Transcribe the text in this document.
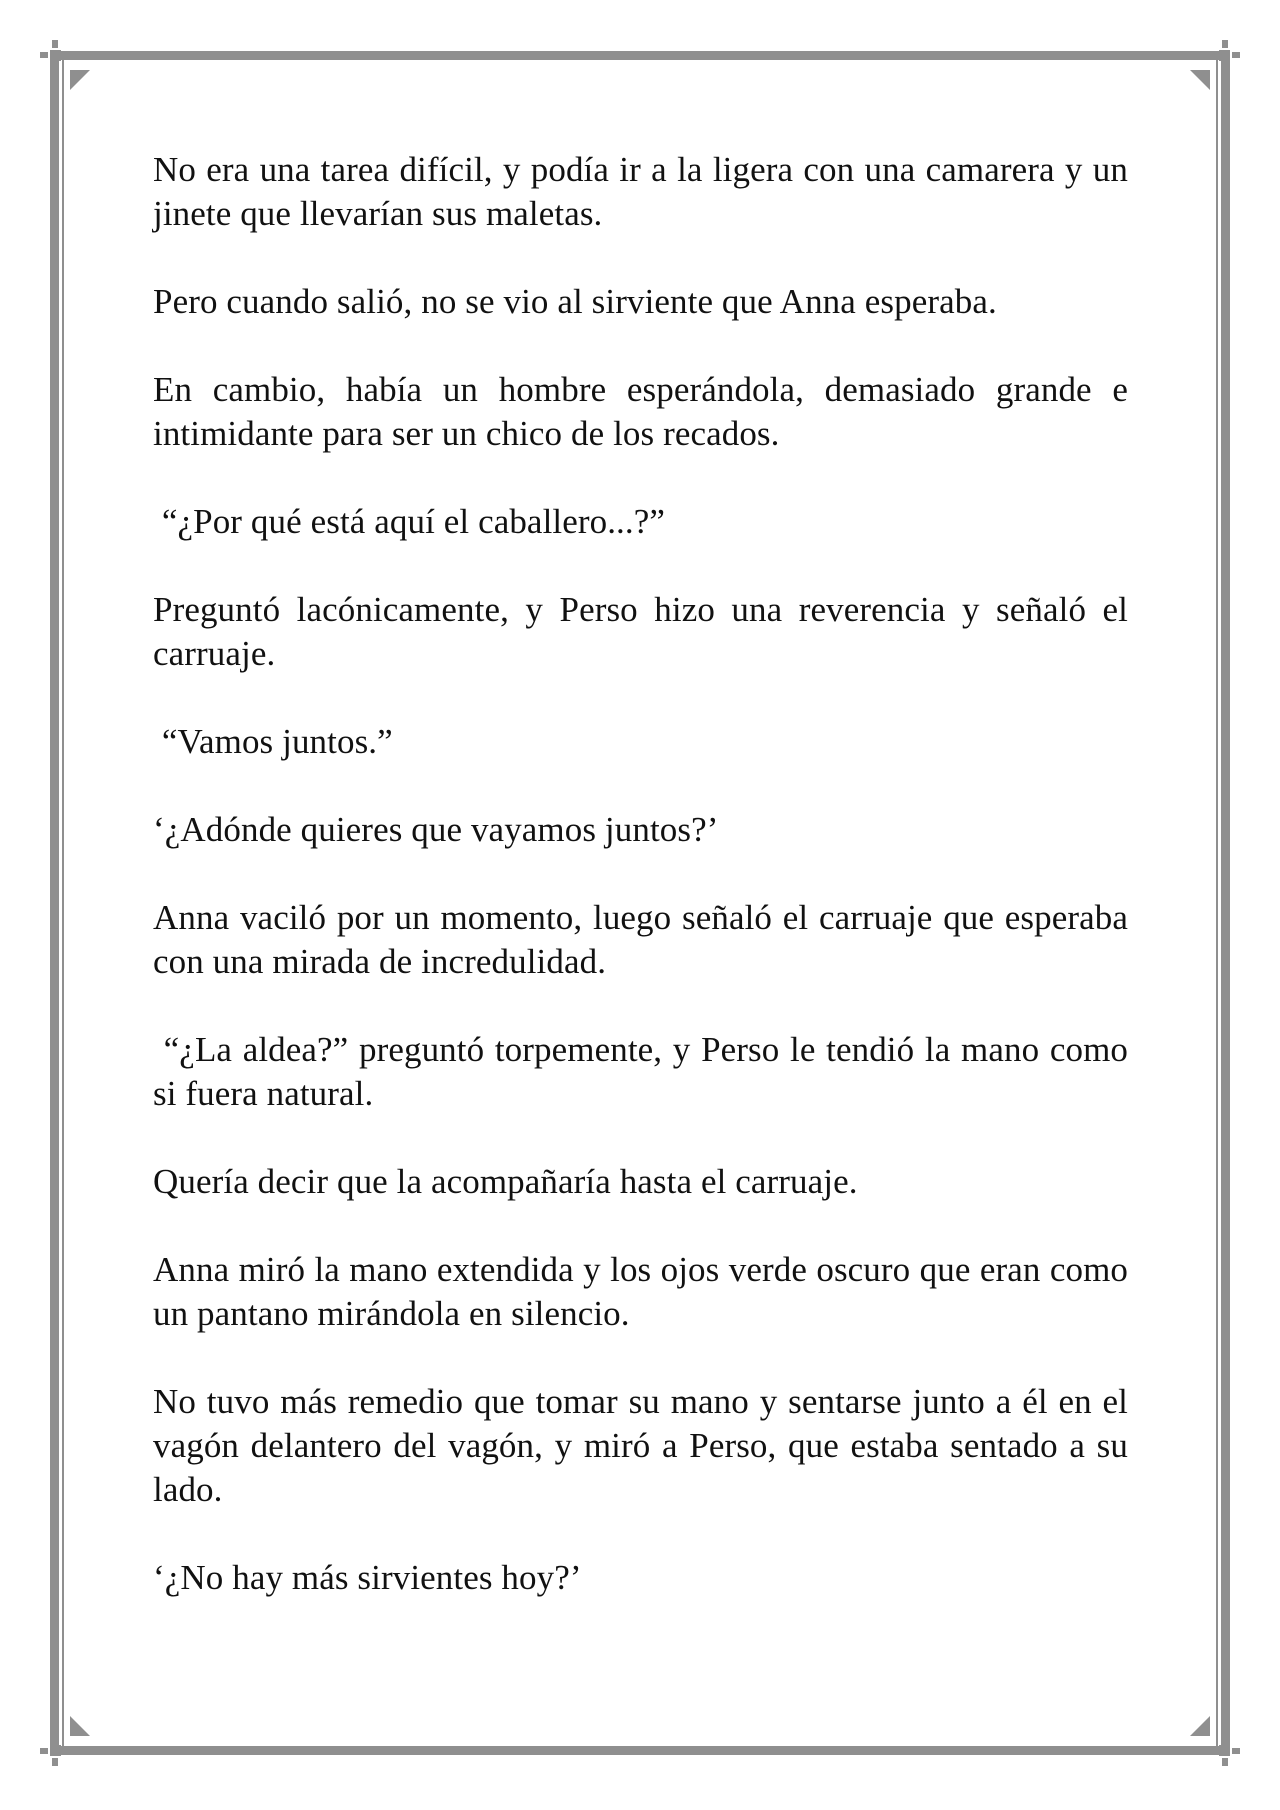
No era una tarea difícil, y podía ir a la ligera con una camarera y un jinete que llevarían sus maletas.

Pero cuando salió, no se vio al sirviente que Anna esperaba.

En cambio, había un hombre esperándola, demasiado grande e intimidante para ser un chico de los recados.

“¿Por qué está aquí el caballero...?”

Preguntó lacónicamente, y Perso hizo una reverencia y señaló el carruaje.

“Vamos juntos.”

‘¿Adónde quieres que vayamos juntos?’

Anna vaciló por un momento, luego señaló el carruaje que esperaba con una mirada de incredulidad.

“¿La aldea?” preguntó torpemente, y Perso le tendió la mano como si fuera natural.

Quería decir que la acompañaría hasta el carruaje.

Anna miró la mano extendida y los ojos verde oscuro que eran como un pantano mirándola en silencio.

No tuvo más remedio que tomar su mano y sentarse junto a él en el vagón delantero del vagón, y miró a Perso, que estaba sentado a su lado.

‘¿No hay más sirvientes hoy?’
